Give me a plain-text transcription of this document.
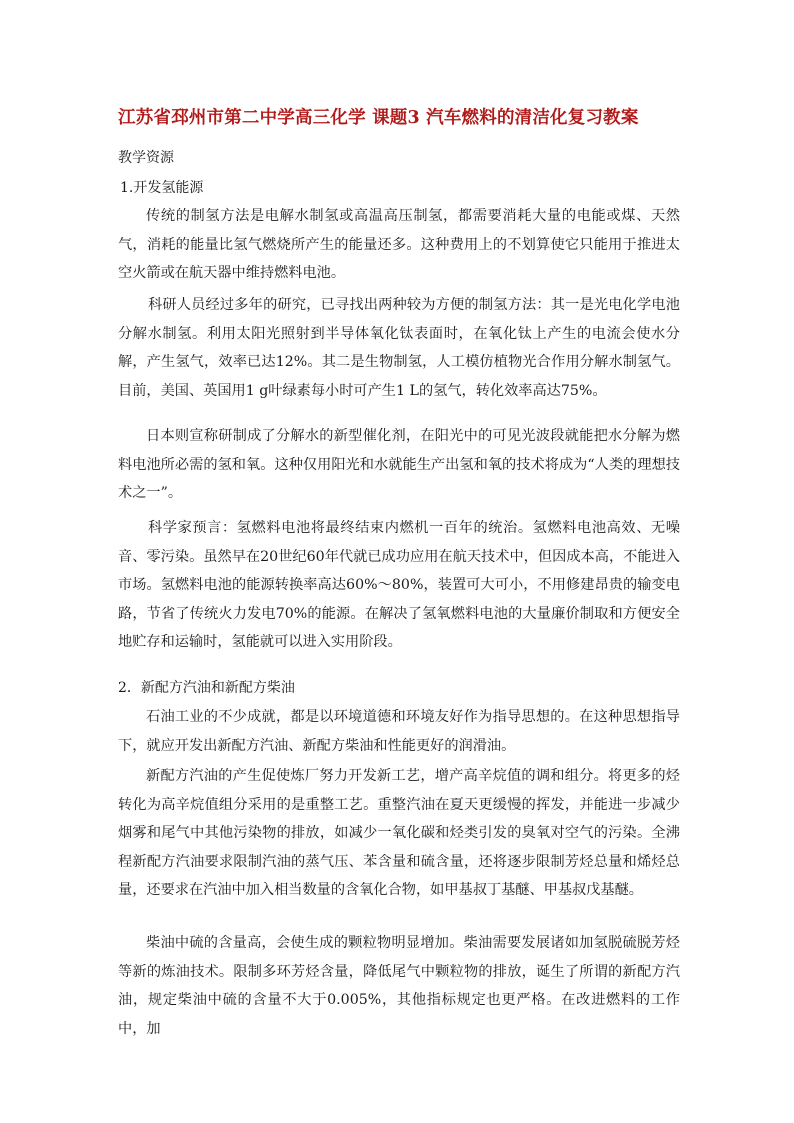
江苏省邳州市第二中学高三化学 课题3 汽车燃料的清洁化复习教案
教学资源
1.开发氢能源
传统的制氢方法是电解水制氢或高温高压制氢，都需要消耗大量的电能或煤、天然气，消耗的能量比氢气燃烧所产生的能量还多。这种费用上的不划算使它只能用于推进太空火箭或在航天器中维持燃料电池。
科研人员经过多年的研究，已寻找出两种较为方便的制氢方法：其一是光电化学电池分解水制氢。利用太阳光照射到半导体氧化钛表面时，在氧化钛上产生的电流会使水分解，产生氢气，效率已达12%。其二是生物制氢，人工模仿植物光合作用分解水制氢气。目前，美国、英国用1 g叶绿素每小时可产生1 L的氢气，转化效率高达75%。
日本则宣称研制成了分解水的新型催化剂，在阳光中的可见光波段就能把水分解为燃料电池所必需的氢和氧。这种仅用阳光和水就能生产出氢和氧的技术将成为“人类的理想技术之一”。
科学家预言：氢燃料电池将最终结束内燃机一百年的统治。氢燃料电池高效、无噪音、零污染。虽然早在20世纪60年代就已成功应用在航天技术中，但因成本高，不能进入市场。氢燃料电池的能源转换率高达60%～80%，装置可大可小，不用修建昂贵的输变电路，节省了传统火力发电70%的能源。在解决了氢氧燃料电池的大量廉价制取和方便安全地贮存和运输时，氢能就可以进入实用阶段。
2．新配方汽油和新配方柴油
石油工业的不少成就，都是以环境道德和环境友好作为指导思想的。在这种思想指导下，就应开发出新配方汽油、新配方柴油和性能更好的润滑油。
新配方汽油的产生促使炼厂努力开发新工艺，增产高辛烷值的调和组分。将更多的烃转化为高辛烷值组分采用的是重整工艺。重整汽油在夏天更缓慢的挥发，并能进一步减少烟雾和尾气中其他污染物的排放，如减少一氧化碳和烃类引发的臭氧对空气的污染。全沸程新配方汽油要求限制汽油的蒸气压、苯含量和硫含量，还将逐步限制芳烃总量和烯烃总量，还要求在汽油中加入相当数量的含氧化合物，如甲基叔丁基醚、甲基叔戊基醚。
柴油中硫的含量高，会使生成的颗粒物明显增加。柴油需要发展诸如加氢脱硫脱芳烃等新的炼油技术。限制多环芳烃含量，降低尾气中颗粒物的排放，诞生了所谓的新配方汽油，规定柴油中硫的含量不大于0.005%，其他指标规定也更严格。在改进燃料的工作中，加
